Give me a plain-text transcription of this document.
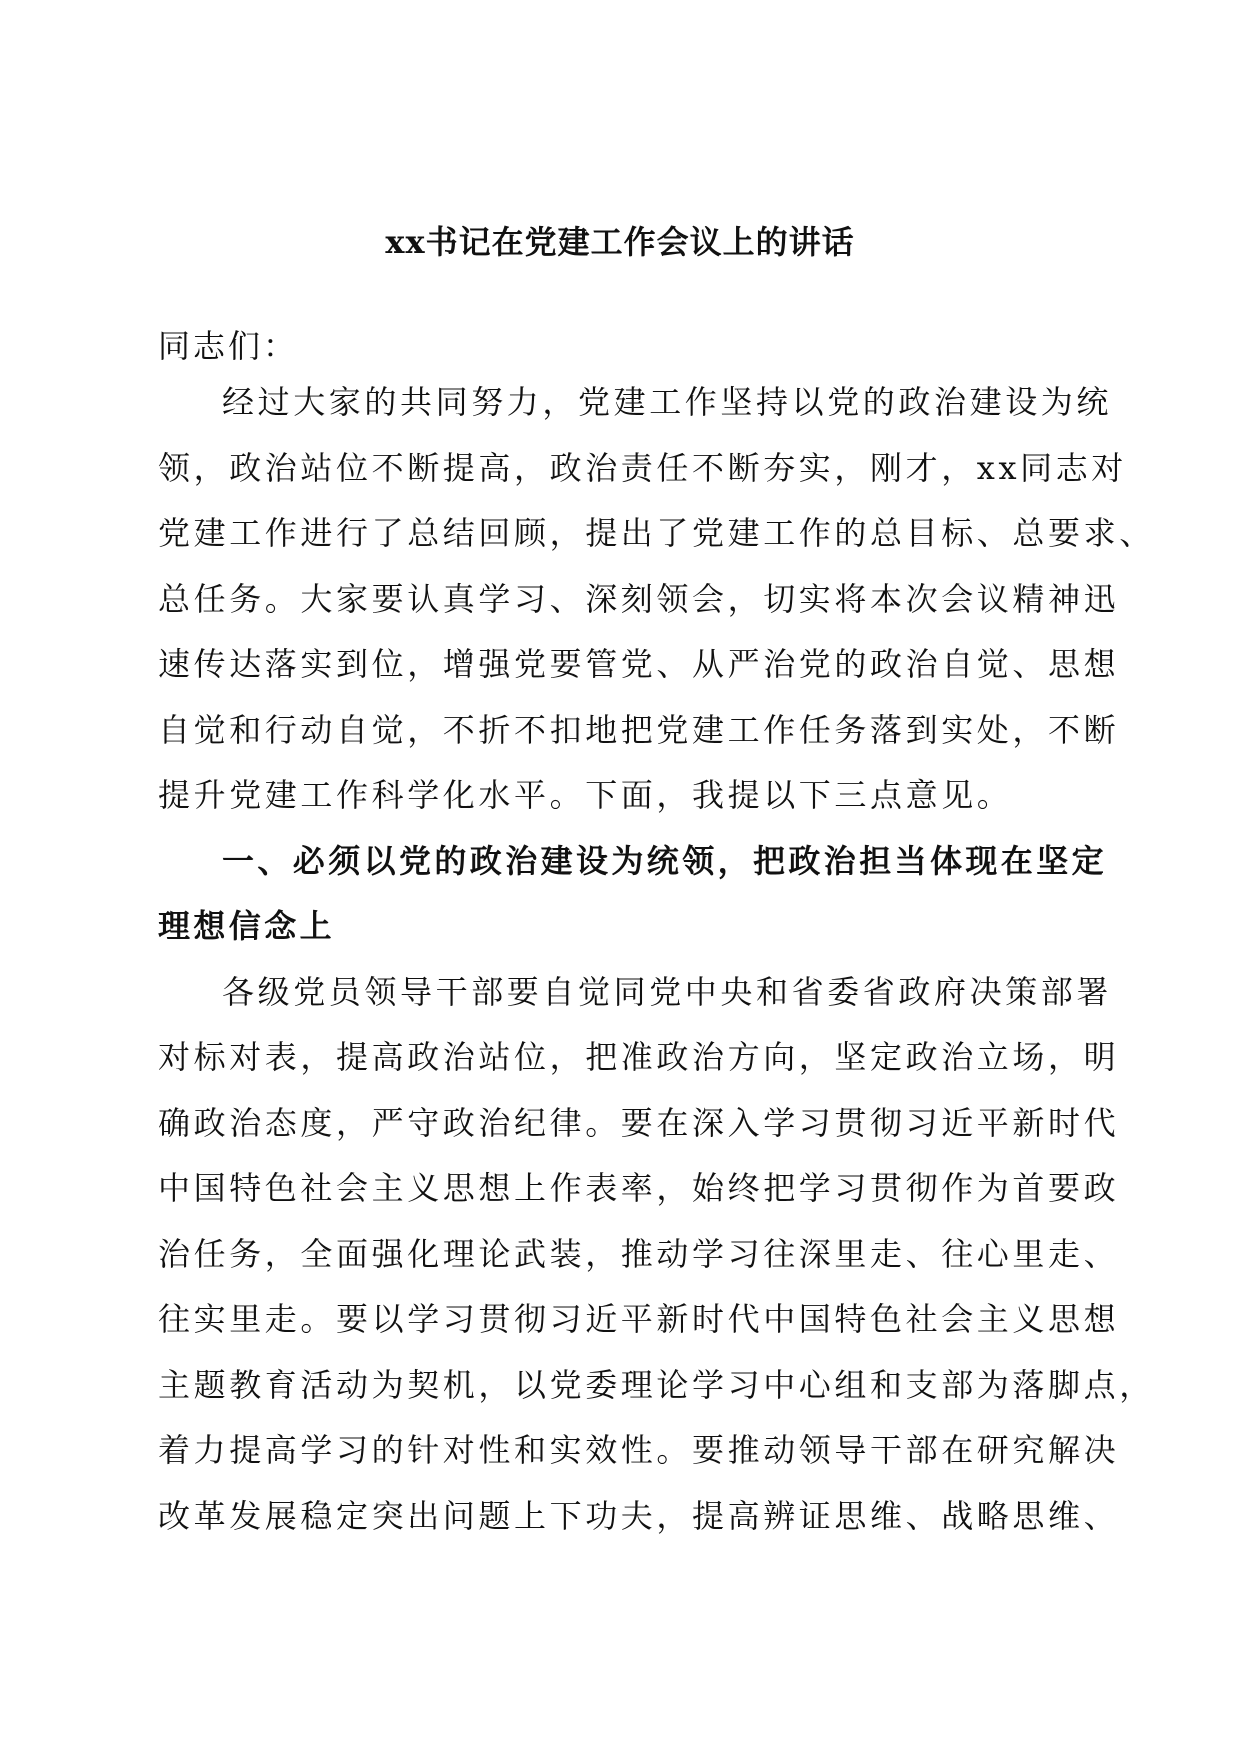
xx书记在党建工作会议上的讲话
同志们：
经过大家的共同努力，党建工作坚持以党的政治建设为统
领，政治站位不断提高，政治责任不断夯实，刚才，xx同志对
党建工作进行了总结回顾，提出了党建工作的总目标、总要求、
总任务。大家要认真学习、深刻领会，切实将本次会议精神迅
速传达落实到位，增强党要管党、从严治党的政治自觉、思想
自觉和行动自觉，不折不扣地把党建工作任务落到实处，不断
提升党建工作科学化水平。下面，我提以下三点意见。
一、必须以党的政治建设为统领，把政治担当体现在坚定
理想信念上
各级党员领导干部要自觉同党中央和省委省政府决策部署
对标对表，提高政治站位，把准政治方向，坚定政治立场，明
确政治态度，严守政治纪律。要在深入学习贯彻习近平新时代
中国特色社会主义思想上作表率，始终把学习贯彻作为首要政
治任务，全面强化理论武装，推动学习往深里走、往心里走、
往实里走。要以学习贯彻习近平新时代中国特色社会主义思想
主题教育活动为契机，以党委理论学习中心组和支部为落脚点，
着力提高学习的针对性和实效性。要推动领导干部在研究解决
改革发展稳定突出问题上下功夫，提高辨证思维、战略思维、
